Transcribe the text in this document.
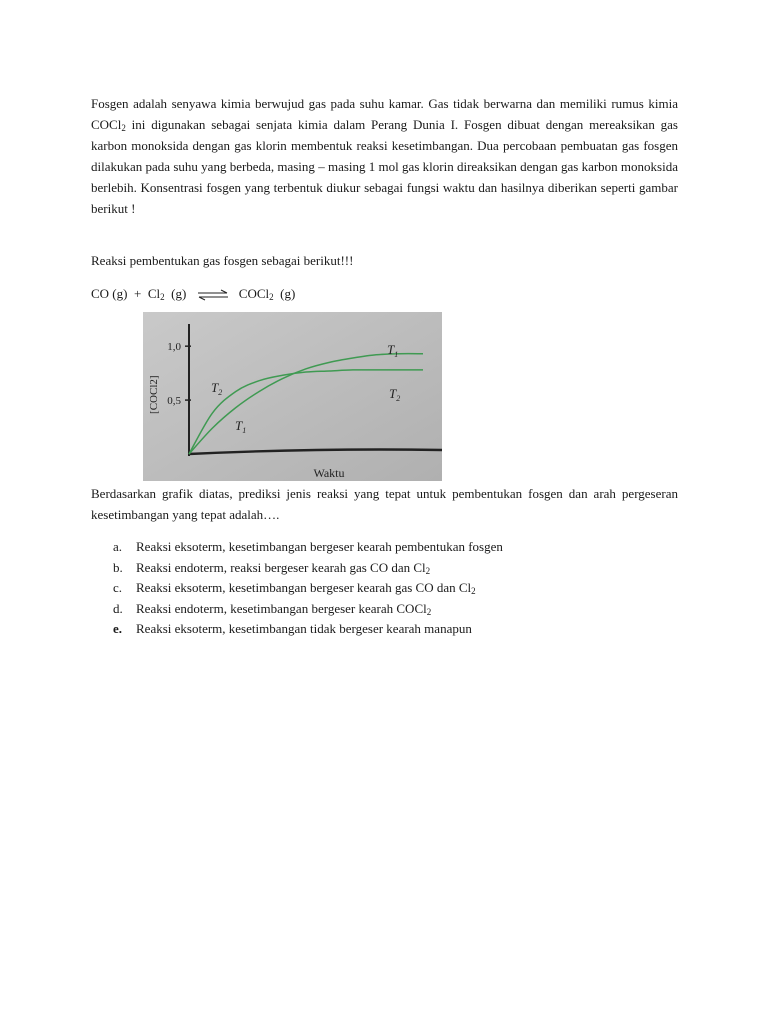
Fosgen adalah senyawa kimia berwujud gas pada suhu kamar. Gas tidak berwarna dan memiliki rumus kimia COCl$_2$ ini digunakan sebagai senjata kimia dalam Perang Dunia I. Fosgen dibuat dengan mereaksikan gas karbon monoksida dengan gas klorin membentuk reaksi kesetimbangan. Dua percobaan pembuatan gas fosgen dilakukan pada suhu yang berbeda, masing – masing 1 mol gas klorin direaksikan dengan gas karbon monoksida berlebih. Konsentrasi fosgen yang terbentuk diukur sebagai fungsi waktu dan hasilnya diberikan seperti gambar berikut !

Reaksi pembentukan gas fosgen sebagai berikut!!!

CO $(g) + Cl_2$ (g) ⇌ COCl$_2$ (g)
1,0
0,5
[COCl2]
Waktu
$T_1$
$T_2$	$T_2$
$T_1$

Berdasarkan grafik diatas, prediksi jenis reaksi yang tepat untuk pembentukan fosgen dan arah pergeseran kesetimbangan yang tepat adalah….

a.	Reaksi eksoterm, kesetimbangan bergeser kearah pembentukan fosgen
b.	Reaksi endoterm, reaksi bergeser kearah gas CO dan $Cl_2$
c.	Reaksi eksoterm, kesetimbangan bergeser kearah gas CO dan $Cl_2$
d.	Reaksi endoterm, kesetimbangan bergeser kearah COCl$_2$
e.	Reaksi eksoterm, kesetimbangan tidak bergeser kearah manapun
